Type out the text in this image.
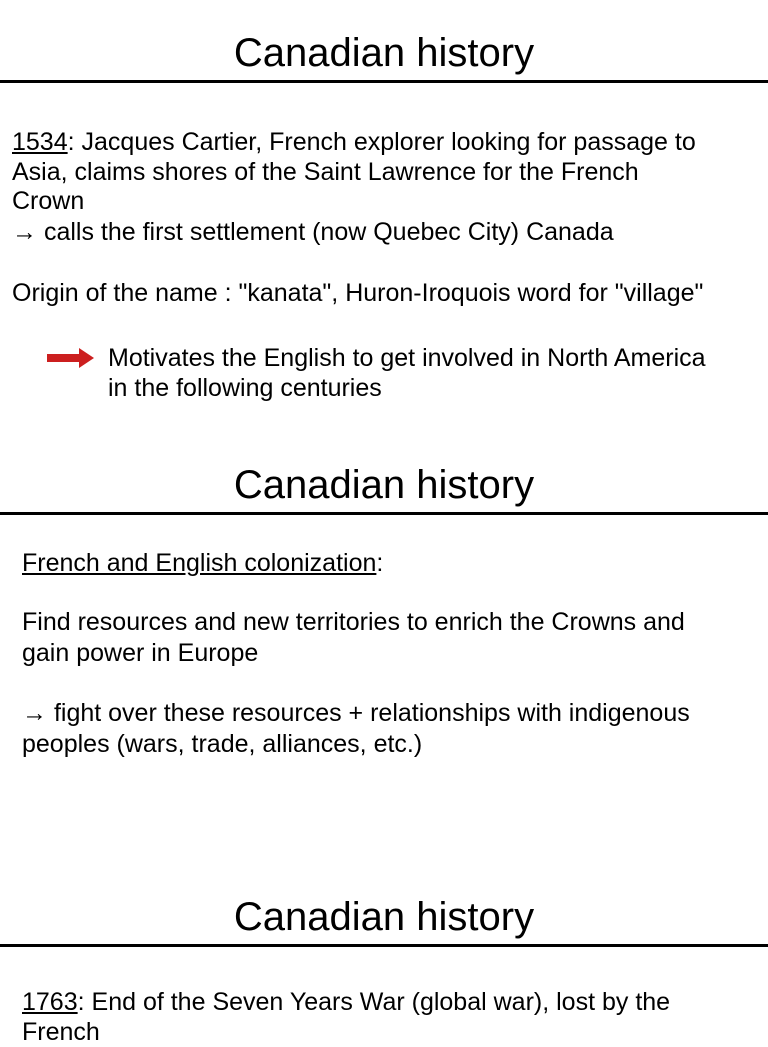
Canadian history

1534: Jacques Cartier, French explorer looking for passage to

Asia, claims shores of the Saint Lawrence for the French

Crown

→ calls the first settlement (now Quebec City) Canada

Origin of the name : "kanata", Huron-Iroquois word for "village"

Motivates the English to get involved in North America

in the following centuries

Canadian history

French and English colonization:

Find resources and new territories to enrich the Crowns and

gain power in Europe

→ fight over these resources + relationships with indigenous

peoples (wars, trade, alliances, etc.)

Canadian history

1763: End of the Seven Years War (global war), lost by the

French
